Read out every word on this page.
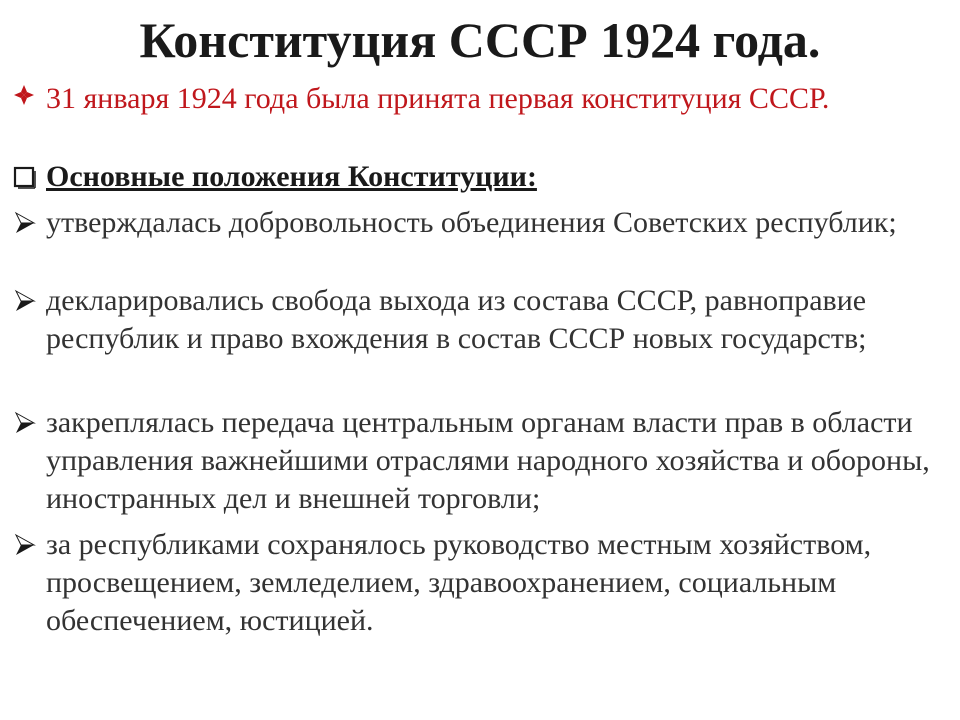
Конституция СССР 1924 года.
31 января 1924 года была принята первая конституция СССР.
Основные положения Конституции:
утверждалась добровольность объединения Советских республик;
декларировались свобода выхода из состава СССР, равноправие республик и право вхождения в состав СССР новых государств;
закреплялась передача центральным органам власти прав в области управления важнейшими отраслями народного хозяйства и обороны, иностранных дел и внешней торговли;
за республиками сохранялось руководство местным хозяйством, просвещением, земледелием, здравоохранением, социальным обеспечением, юстицией.
